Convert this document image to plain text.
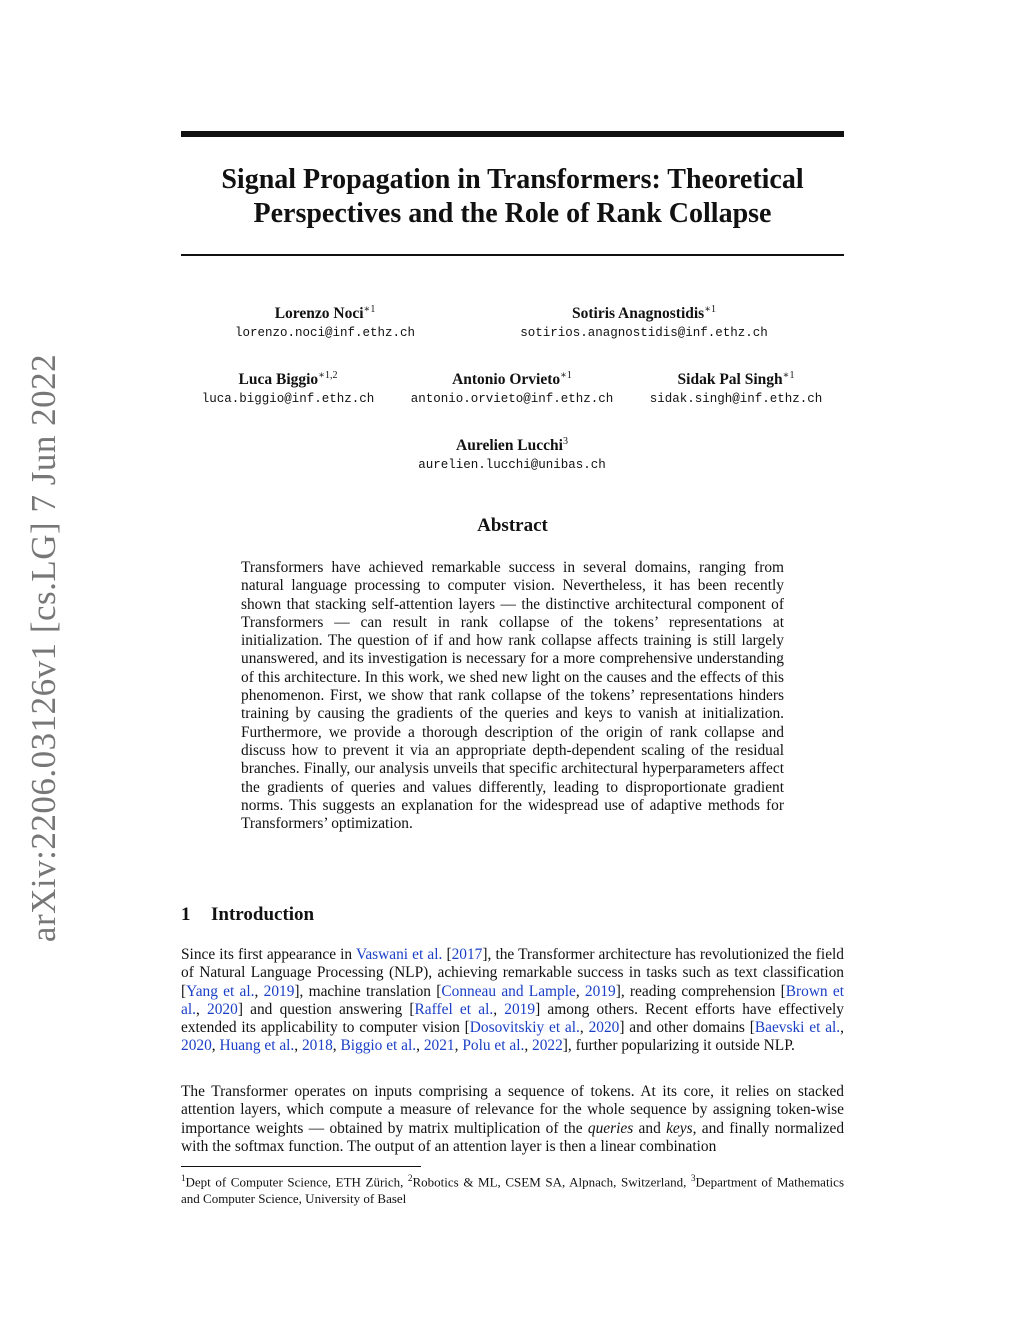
arXiv:2206.03126v1 [cs.LG] 7 Jun 2022
Signal Propagation in Transformers: Theoretical
Perspectives and the Role of Rank Collapse
Lorenzo Noci$^{∗1}$
lorenzo.noci@inf.ethz.ch
Sotiris Anagnostidis$^{∗1}$
sotirios.anagnostidis@inf.ethz.ch
Luca Biggio$^{∗1,2}$
luca.biggio@inf.ethz.ch
Antonio Orvieto$^{∗1}$
antonio.orvieto@inf.ethz.ch
Sidak Pal Singh$^{∗1}$
sidak.singh@inf.ethz.ch
Aurelien Lucchi$^3$
aurelien.lucchi@unibas.ch
Abstract
Transformers have achieved remarkable success in several domains, ranging from natural language processing to computer vision. Nevertheless, it has been recently shown that stacking self-attention layers — the distinctive architectural component of Transformers — can result in rank collapse of the tokens’ representations at initialization. The question of if and how rank collapse affects training is still largely unanswered, and its investigation is necessary for a more comprehensive understanding of this architecture. In this work, we shed new light on the causes and the effects of this phenomenon. First, we show that rank collapse of the tokens’ representations hinders training by causing the gradients of the queries and keys to vanish at initialization. Furthermore, we provide a thorough description of the origin of rank collapse and discuss how to prevent it via an appropriate depth-dependent scaling of the residual branches. Finally, our analysis unveils that specific architectural hyperparameters affect the gradients of queries and values differently, leading to disproportionate gradient norms. This suggests an explanation for the widespread use of adaptive methods for Transformers’ optimization.
1 Introduction
Since its first appearance in Vaswani et al. [2017], the Transformer architecture has revolutionized the field of Natural Language Processing (NLP), achieving remarkable success in tasks such as text classification [Yang et al., 2019], machine translation [Conneau and Lample, 2019], reading comprehension [Brown et al., 2020] and question answering [Raffel et al., 2019] among others. Recent efforts have effectively extended its applicability to computer vision [Dosovitskiy et al., 2020] and other domains [Baevski et al., 2020, Huang et al., 2018, Biggio et al., 2021, Polu et al., 2022], further popularizing it outside NLP.
The Transformer operates on inputs comprising a sequence of tokens. At its core, it relies on stacked attention layers, which compute a measure of relevance for the whole sequence by assigning token-wise importance weights — obtained by matrix multiplication of the queries and keys, and finally normalized with the softmax function. The output of an attention layer is then a linear combination
$^1$Dept of Computer Science, ETH Zürich, $^2$Robotics & ML, CSEM SA, Alpnach, Switzerland, $^3$Department of Mathematics and Computer Science, University of Basel
